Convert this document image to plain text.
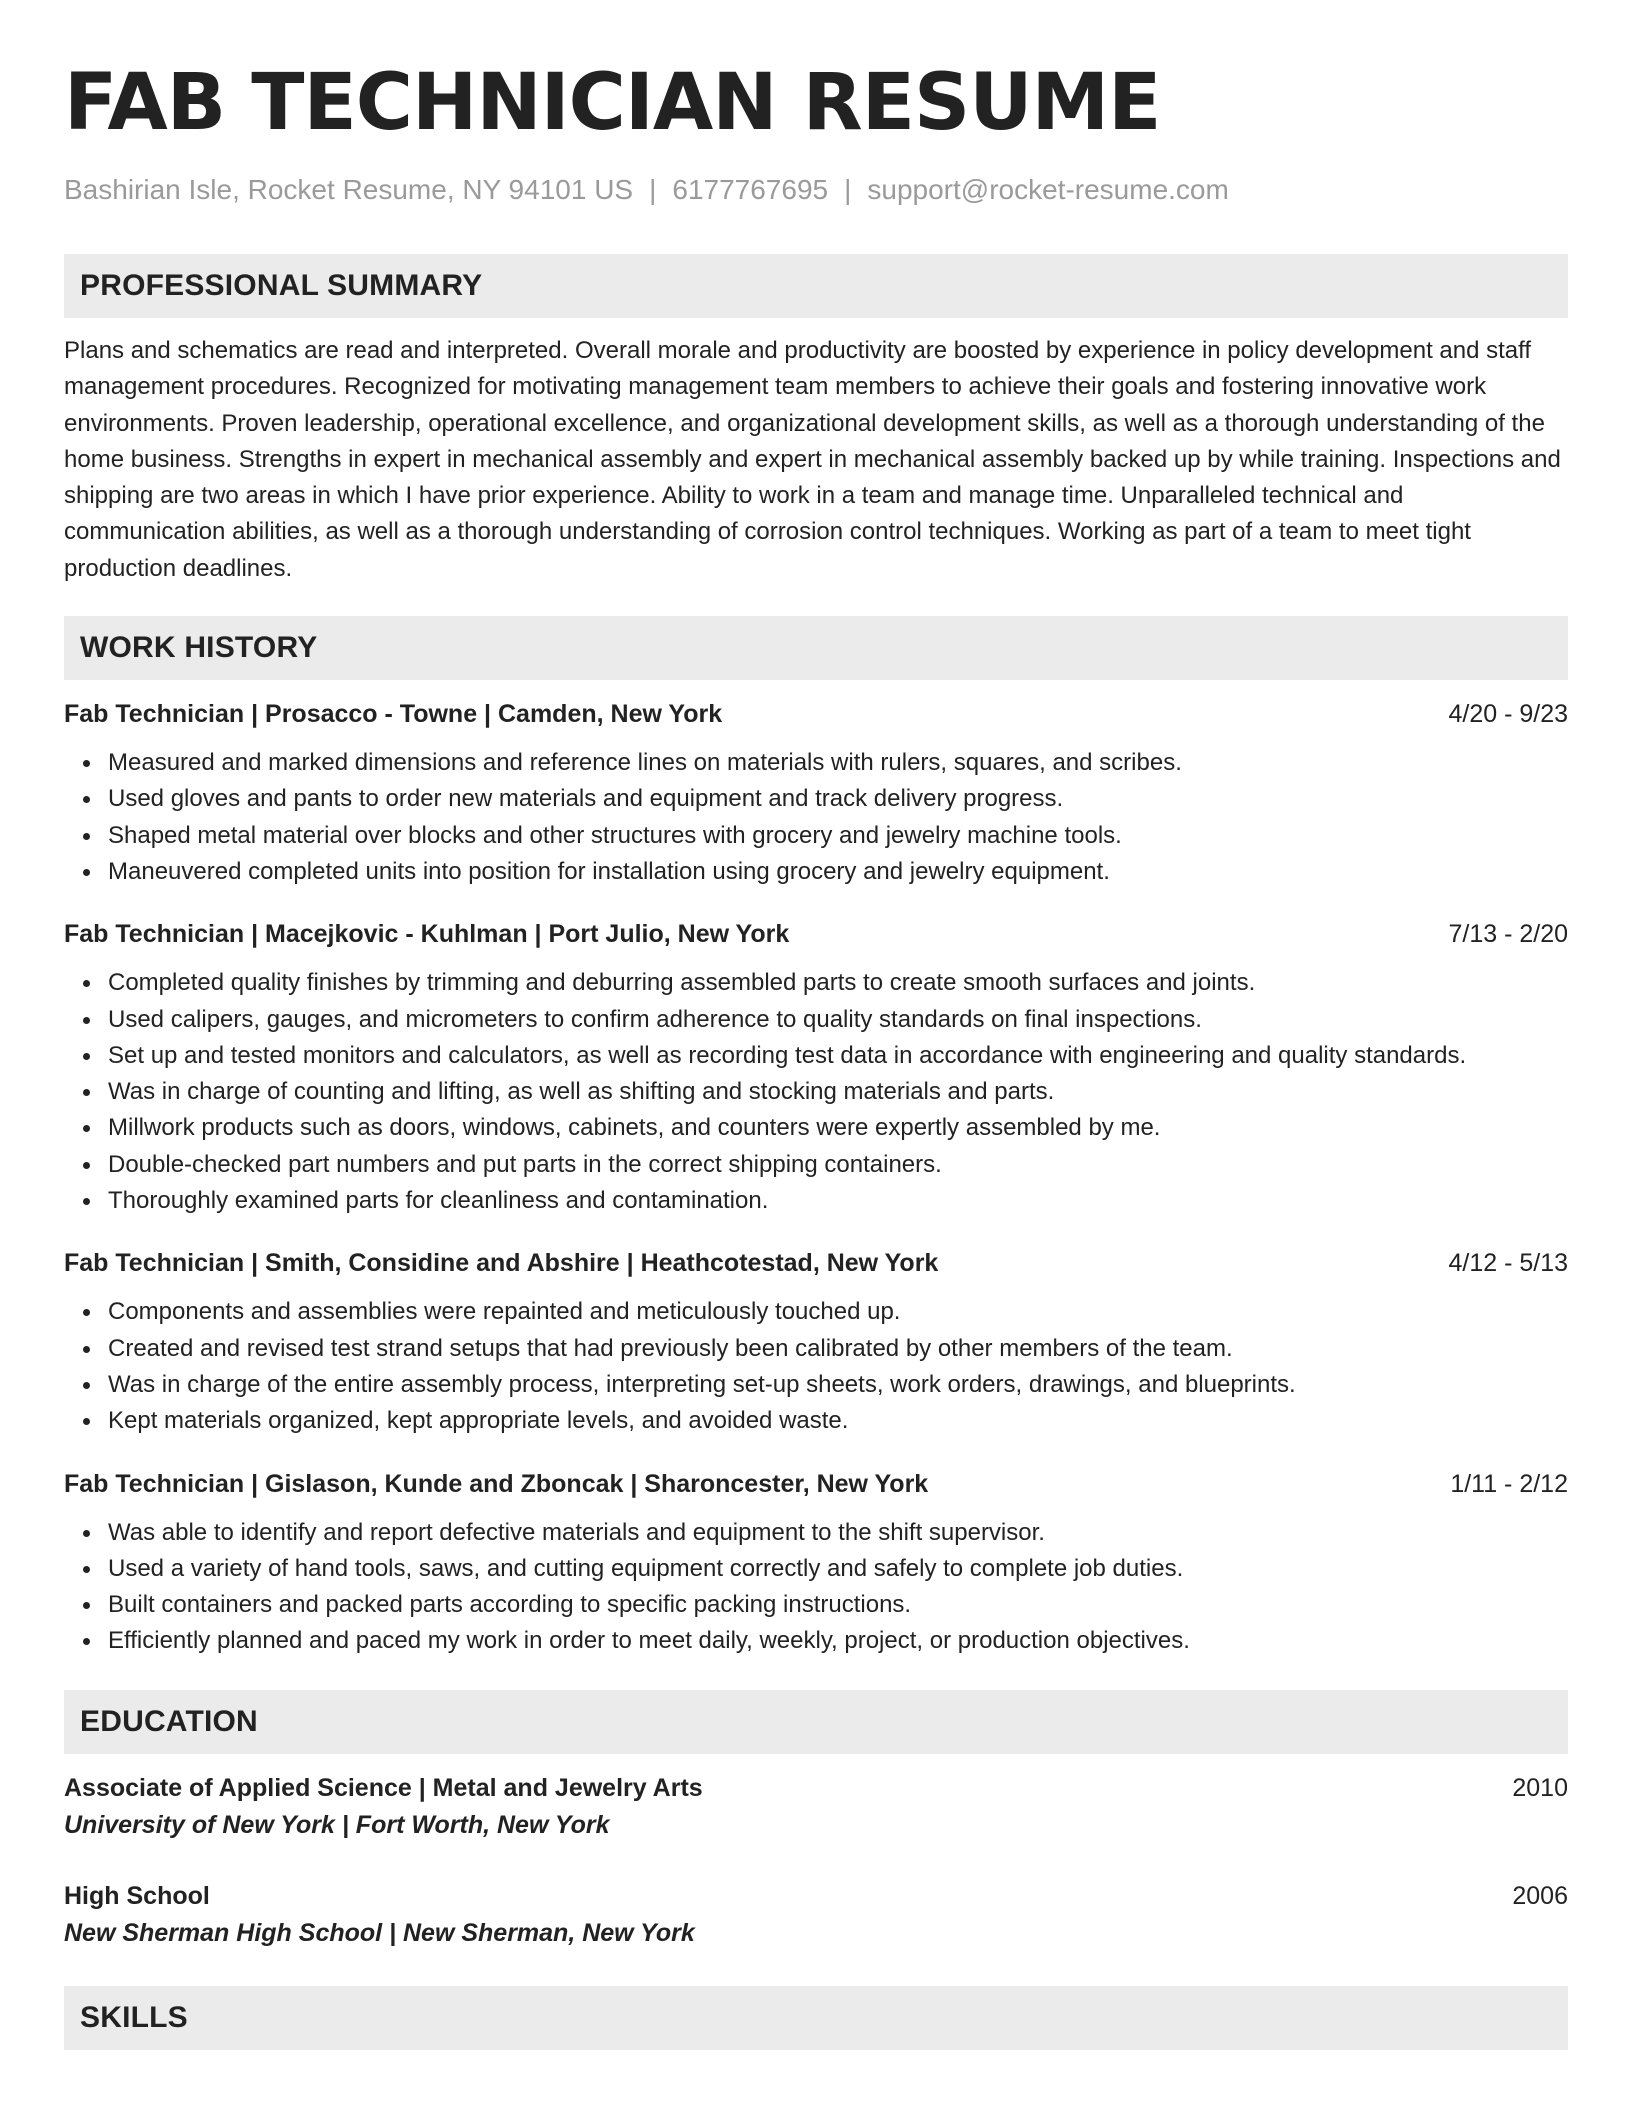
FAB TECHNICIAN RESUME
Bashirian Isle, Rocket Resume, NY 94101 US | 6177767695 | support@rocket-resume.com
PROFESSIONAL SUMMARY

Plans and schematics are read and interpreted. Overall morale and productivity are boosted by experience in policy development and staff management procedures. Recognized for motivating management team members to achieve their goals and fostering innovative work environments. Proven leadership, operational excellence, and organizational development skills, as well as a thorough understanding of the home business. Strengths in expert in mechanical assembly and expert in mechanical assembly backed up by while training. Inspections and shipping are two areas in which I have prior experience. Ability to work in a team and manage time. Unparalleled technical and communication abilities, as well as a thorough understanding of corrosion control techniques. Working as part of a team to meet tight production deadlines.

WORK HISTORY
Fab Technician | Prosacco - Towne | Camden, New York	4/20 - 9/23
Measured and marked dimensions and reference lines on materials with rulers, squares, and scribes.
Used gloves and pants to order new materials and equipment and track delivery progress.
Shaped metal material over blocks and other structures with grocery and jewelry machine tools.
Maneuvered completed units into position for installation using grocery and jewelry equipment.
Fab Technician | Macejkovic - Kuhlman | Port Julio, New York	7/13 - 2/20
Completed quality finishes by trimming and deburring assembled parts to create smooth surfaces and joints.
Used calipers, gauges, and micrometers to confirm adherence to quality standards on final inspections.
Set up and tested monitors and calculators, as well as recording test data in accordance with engineering and quality standards.
Was in charge of counting and lifting, as well as shifting and stocking materials and parts.
Millwork products such as doors, windows, cabinets, and counters were expertly assembled by me.
Double-checked part numbers and put parts in the correct shipping containers.
Thoroughly examined parts for cleanliness and contamination.
Fab Technician | Smith, Considine and Abshire | Heathcotestad, New York	4/12 - 5/13
Components and assemblies were repainted and meticulously touched up.
Created and revised test strand setups that had previously been calibrated by other members of the team.
Was in charge of the entire assembly process, interpreting set-up sheets, work orders, drawings, and blueprints.
Kept materials organized, kept appropriate levels, and avoided waste.
Fab Technician | Gislason, Kunde and Zboncak | Sharoncester, New York	1/11 - 2/12
Was able to identify and report defective materials and equipment to the shift supervisor.
Used a variety of hand tools, saws, and cutting equipment correctly and safely to complete job duties.
Built containers and packed parts according to specific packing instructions.
Efficiently planned and paced my work in order to meet daily, weekly, project, or production objectives.
EDUCATION
Associate of Applied Science | Metal and Jewelry Arts	2010
University of New York | Fort Worth, New York
High School	2006
New Sherman High School | New Sherman, New York
SKILLS
